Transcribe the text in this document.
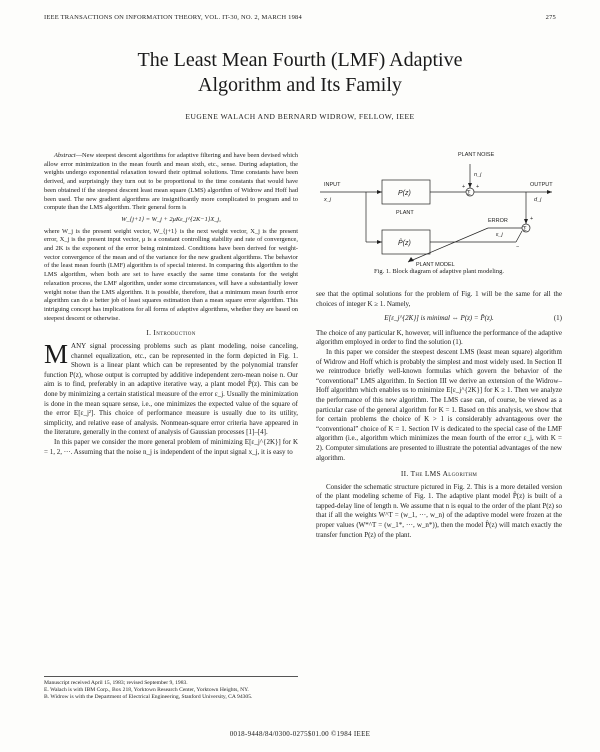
IEEE TRANSACTIONS ON INFORMATION THEORY, VOL. IT-30, NO. 2, MARCH 1984	275
The Least Mean Fourth (LMF) Adaptive
Algorithm and Its Family
EUGENE WALACH AND BERNARD WIDROW, FELLOW, IEEE

Abstract—New steepest descent algorithms for adaptive filtering and have been devised which allow error minimization in the mean fourth and mean sixth, etc., sense. During adaptation, the weights undergo exponential relaxation toward their optimal solutions. Time constants have been derived, and surprisingly they turn out to be proportional to the time constants that would have been obtained if the steepest descent least mean square (LMS) algorithm of Widrow and Hoff had been used. The new gradient algorithms are insignificantly more complicated to program and to compute than the LMS algorithm. Their general form is

W_{j+1} = W_j + 2μKε_j^{2K−1}X_j,

where W_j is the present weight vector, W_{j+1} is the next weight vector, X_j is the present error, X_j is the present input vector, μ is a constant controlling stability and rate of convergence, and 2K is the exponent of the error being minimized. Conditions have been derived for weight-vector convergence of the mean and of the variance for the new gradient algorithms. The behavior of the least mean fourth (LMF) algorithm is of special interest. In comparing this algorithm to the LMS algorithm, when both are set to have exactly the same time constants for the weight relaxation process, the LMF algorithm, under some circumstances, will have a substantially lower weight noise than the LMS algorithm. It is possible, therefore, that a minimum mean fourth error algorithm can do a better job of least squares estimation than a mean square error algorithm. This intriguing concept has implications for all forms of adaptive algorithms, whether they are based on steepest descent or otherwise.

I. Introduction

MANY signal processing problems such as plant modeling, noise canceling, channel equalization, etc., can be represented in the form depicted in Fig. 1. Shown is a linear plant which can be represented by the polynomial transfer function P(z), whose output is corrupted by additive independent zero-mean noise n. Our aim is to find, preferably in an adaptive iterative way, a plant model P̂(z). This can be done by minimizing a certain statistical measure of the error ε_j. Usually the minimization is done in the mean square sense, i.e., one minimizes the expected value of the square of the error E[ε_j²]. This choice of performance measure is usually due to its utility, simplicity, and relative ease of analysis. Nonmean-square error criteria have appeared in the literature, generally in the context of analysis of Gaussian processes [1]–[4].

In this paper we consider the more general problem of minimizing E[ε_j^{2K}] for K = 1, 2, ···. Assuming that the noise n_j is independent of the input signal x_j, it is easy to

Manuscript received April 15, 1983; revised September 9, 1983.
E. Walach is with IBM Corp., Box 218, Yorktown Research Center, Yorktown Heights, NY.
B. Widrow is with the Department of Electrical Engineering, Stanford University, CA 94305.
INPUT
x_j
P(z)
PLANT
PLANT NOISE
n_j
Σ
+
+	OUTPUT
d_j
Σ
+
−
ERROR
ε_j
P̂(z)
PLANT MODEL
Fig. 1. Block diagram of adaptive plant modeling.

see that the optimal solutions for the problem of Fig. 1 will be the same for all the choices of integer K ≥ 1. Namely,

E[ε_j^{2K}] is minimal ⇔ P(z) = P̂(z).	(1)

The choice of any particular K, however, will influence the performance of the adaptive algorithm employed in order to find the solution (1).

In this paper we consider the steepest descent LMS (least mean square) algorithm of Widrow and Hoff which is probably the simplest and most widely used. In Section II we reintroduce briefly well-known formulas which govern the behavior of the “conventional” LMS algorithm. In Section III we derive an extension of the Widrow–Hoff algorithm which enables us to minimize E[ε_j^{2K}] for K ≥ 1. Then we analyze the performance of this new algorithm. The LMS case can, of course, be viewed as a particular case of the general algorithm for K = 1. Based on this analysis, we show that for certain problems the choice of K > 1 is considerably advantageous over the “conventional” choice of K = 1. Section IV is dedicated to the special case of the LMF algorithm (i.e., algorithm which minimizes the mean fourth of the error ε_j, with K = 2). Computer simulations are presented to illustrate the potential advantages of the new algorithm.

II. The LMS Algorithm

Consider the schematic structure pictured in Fig. 2. This is a more detailed version of the plant modeling scheme of Fig. 1. The adaptive plant model P̂(z) is built of a tapped-delay line of length n. We assume that n is equal to the order of the plant P(z) so that if all the weights W^T = (w_1, ···, w_n) of the adaptive model were frozen at the proper values (W*^T = (w_1*, ···, w_n*)), then the model P̂(z) will match exactly the transfer function P(z) of the plant.

0018-9448/84/0300-0275$01.00 ©1984 IEEE
